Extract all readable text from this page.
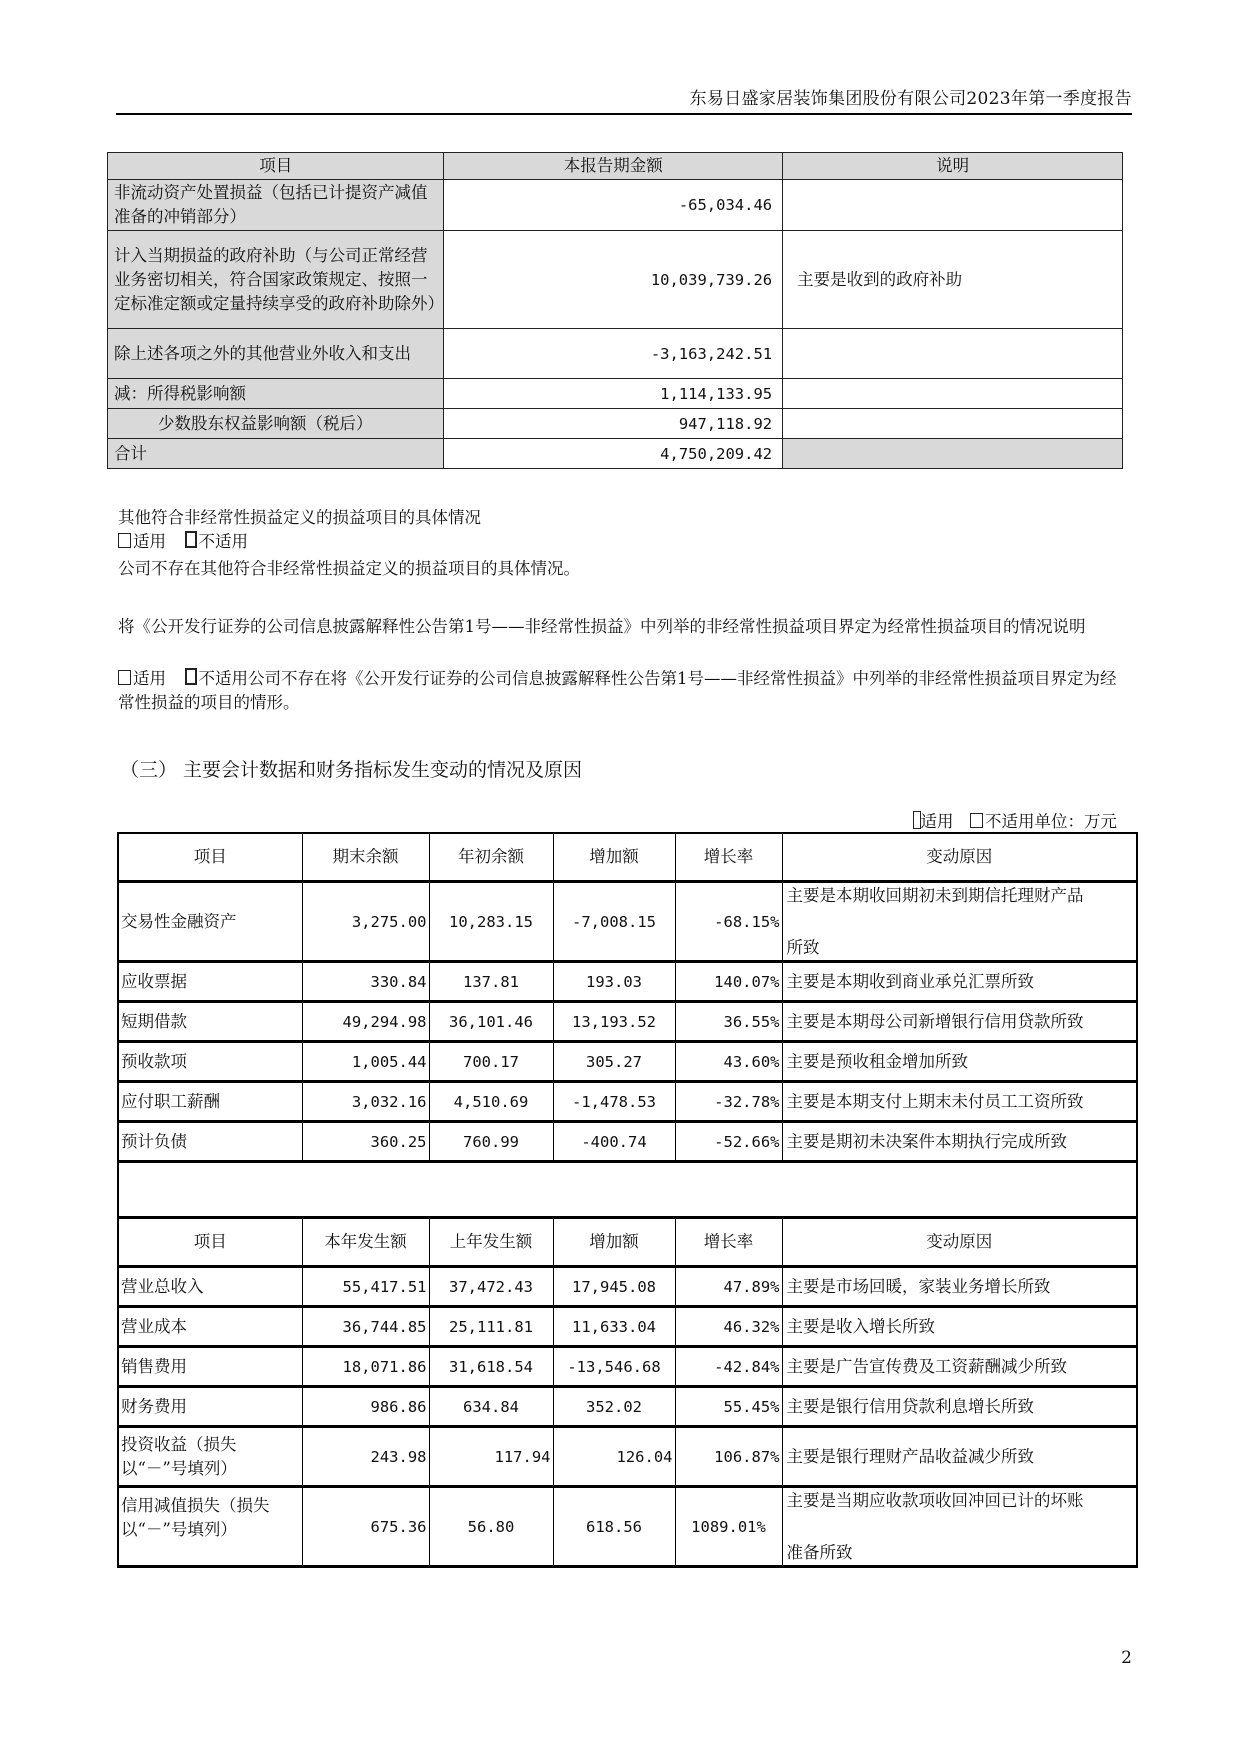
东易日盛家居装饰集团股份有限公司2023年第一季度报告
项目	本报告期金额	说明
非流动资产处置损益（包括已计提资产减值准备的冲销部分）	-65,034.46	
计入当期损益的政府补助（与公司正常经营业务密切相关，符合国家政策规定、按照一定标准定额或定量持续享受的政府补助除外）	10,039,739.26	主要是收到的政府补助
除上述各项之外的其他营业外收入和支出	-3,163,242.51	
减：所得税影响额	1,114,133.95	
少数股东权益影响额（税后）	947,118.92	
合计	4,750,209.42	
其他符合非经常性损益定义的损益项目的具体情况
适用 不适用
公司不存在其他符合非经常性损益定义的损益项目的具体情况。
将《公开发行证券的公司信息披露解释性公告第1号——非经常性损益》中列举的非经常性损益项目界定为经常性损益项目的情况说明
适用 不适用公司不存在将《公开发行证券的公司信息披露解释性公告第1号——非经常性损益》中列举的非经常性损益项目界定为经常性损益的项目的情形。
（三） 主要会计数据和财务指标发生变动的情况及原因
适用 不适用单位：万元
项目	期末余额	年初余额	增加额	增长率	变动原因
交易性金融资产	3,275.00	10,283.15	-7,008.15	-68.15%	主要是本期收回期初未到期信托理财产品
所致

应收票据	330.84	137.81	193.03	140.07%	主要是本期收到商业承兑汇票所致
短期借款	49,294.98	36,101.46	13,193.52	36.55%	主要是本期母公司新增银行信用贷款所致
预收款项	1,005.44	700.17	305.27	43.60%	主要是预收租金增加所致
应付职工薪酬	3,032.16	4,510.69	-1,478.53	-32.78%	主要是本期支付上期末未付员工工资所致
预计负债	360.25	760.99	-400.74	-52.66%	主要是期初未决案件本期执行完成所致

项目	本年发生额	上年发生额	增加额	增长率	变动原因
营业总收入	55,417.51	37,472.43	17,945.08	47.89%	主要是市场回暖，家装业务增长所致
营业成本	36,744.85	25,111.81	11,633.04	46.32%	主要是收入增长所致
销售费用	18,071.86	31,618.54	-13,546.68	-42.84%	主要是广告宣传费及工资薪酬减少所致
财务费用	986.86	634.84	352.02	55.45%	主要是银行信用贷款利息增长所致
投资收益（损失以“－”号填列）	243.98	117.94	126.04	106.87%	主要是银行理财产品收益减少所致
信用减值损失（损失以“－”号填列）	675.36	56.80	618.56	1089.01%	主要是当期应收款项收回冲回已计的坏账
准备所致
2
